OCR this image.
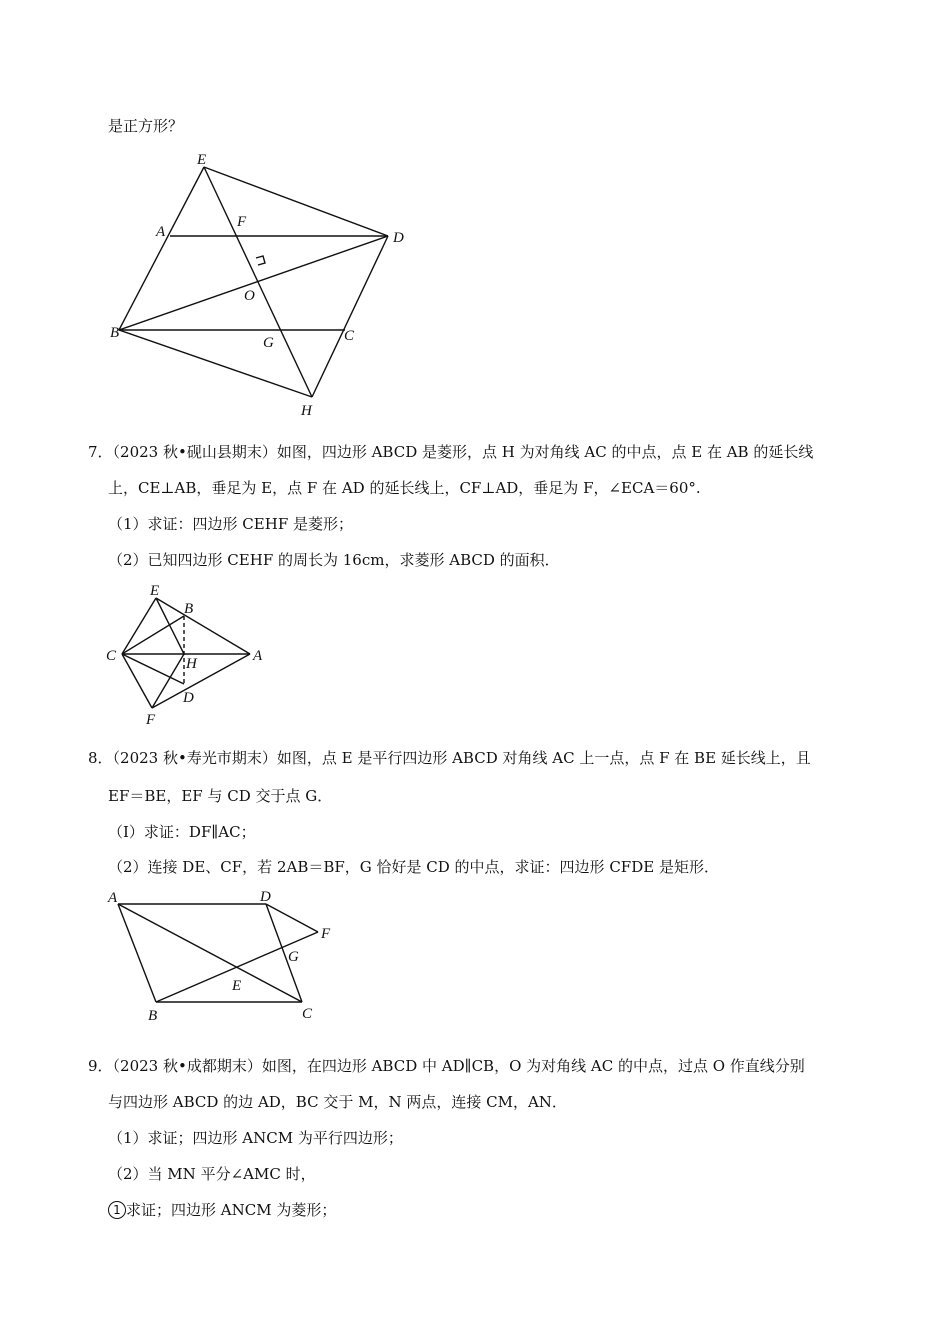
是正方形？
E
F
A	D
O
B
G	C
H
7．（2023 秋•砚山县期末）如图，四边形 ABCD 是菱形，点 H 为对角线 AC 的中点，点 E 在 AB 的延长线
上，CE⊥AB，垂足为 E，点 F 在 AD 的延长线上，CF⊥AD，垂足为 F，∠ECA＝60°.
（1）求证：四边形 CEHF 是菱形；
（2）已知四边形 CEHF 的周长为 16cm，求菱形 ABCD 的面积．
E
B
C	H	A
D
F
8．（2023 秋•寿光市期末）如图，点 E 是平行四边形 ABCD 对角线 AC 上一点，点 F 在 BE 延长线上，且
EF＝BE，EF 与 CD 交于点 G．
（I）求证：DF∥AC；
（2）连接 DE、CF，若 2AB＝BF，G 恰好是 CD 的中点，求证：四边形 CFDE 是矩形．
A	D
F
G
E
B	C
9．（2023 秋•成都期末）如图，在四边形 ABCD 中 AD∥CB，O 为对角线 AC 的中点，过点 O 作直线分别
与四边形 ABCD 的边 AD，BC 交于 M，N 两点，连接 CM，AN．
（1）求证；四边形 ANCM 为平行四边形；
（2）当 MN 平分∠AMC 时，
1 求证；四边形 ANCM 为菱形；
